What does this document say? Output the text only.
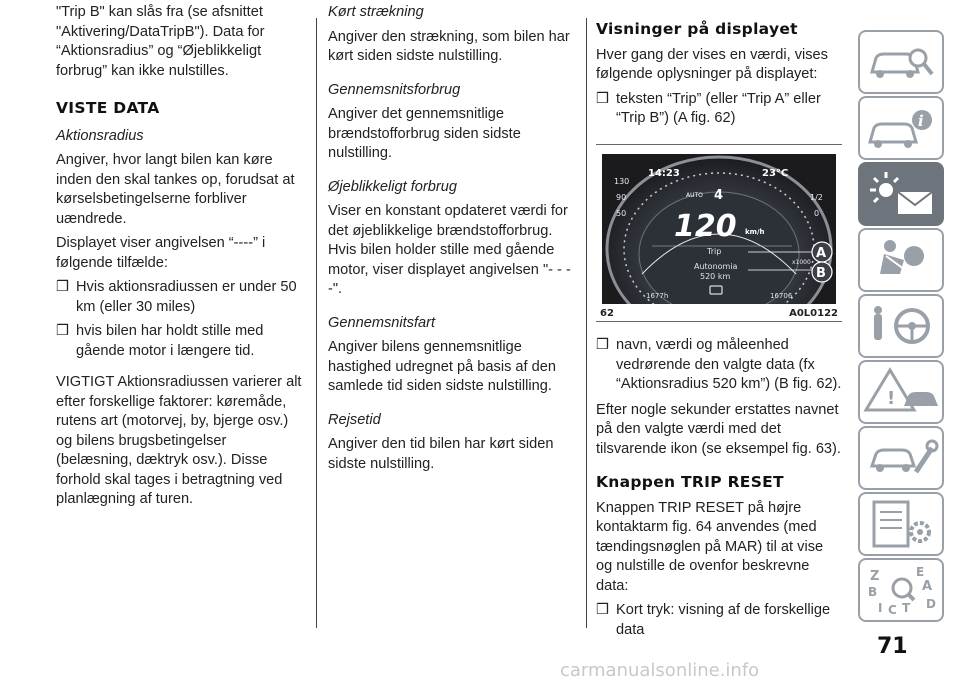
"Trip B" kan slås fra (se afsnittet "Aktivering/DataTripB"). Data for “Aktionsradius” og “Øjeblikkeligt forbrug” kan ikke nulstilles.

VISTE DATA

Aktionsradius

Angiver, hvor langt bilen kan køre inden den skal tankes op, forudsat at kørselsbetingelserne forbliver uændrede.

Displayet viser angivelsen “----” i følgende tilfælde:

❒ Hvis aktionsradiussen er under 50 km (eller 30 miles)

❒ hvis bilen har holdt stille med gående motor i længere tid.

VIGTIGT Aktionsradiussen varierer alt efter forskellige faktorer: køremåde, rutens art (motorvej, by, bjerge osv.) og bilens brugsbetingelser (belæsning, dæktryk osv.). Disse forhold skal tages i betragtning ved planlægning af turen.

Kørt strækning

Angiver den strækning, som bilen har kørt siden sidste nulstilling.

Gennemsnitsforbrug

Angiver det gennemsnitlige brændstofforbrug siden sidste nulstilling.

Øjeblikkeligt forbrug

Viser en konstant opdateret værdi for det øjeblikkelige brændstofforbrug. Hvis bilen holder stille med gående motor, viser displayet angivelsen "- - - -".

Gennemsnitsfart

Angiver bilens gennemsnitlige hastighed udregnet på basis af den samlede tid siden sidste nulstilling.

Rejsetid

Angiver den tid bilen har kørt siden sidste nulstilling.

Visninger på displayet

Hver gang der vises en værdi, vises følgende oplysninger på displayet:

❒ teksten “Trip” (eller “Trip A” eller “Trip B”) (A fig. 62)

130
90
50
1/2
0
x1000
14:23	23°C
AUTO 4
120 km/h
Trip
Autonomia
520 km
1677h	16706
A
B
62	A0L0122

❒ navn, værdi og måleenhed vedrørende den valgte data (fx “Aktionsradius 520 km”) (B fig. 62).

Efter nogle sekunder erstattes navnet på den valgte værdi med det tilsvarende ikon (se eksempel fig. 63).

Knappen TRIP RESET

Knappen TRIP RESET på højre kontaktarm fig. 64 anvendes (med tændingsnøglen på MAR) til at vise og nulstille de ovenfor beskrevne data:

❒ Kort tryk: visning af de forskellige data

i
!
Z	E
A
B
I C T D
71
carmanualsonline.info
